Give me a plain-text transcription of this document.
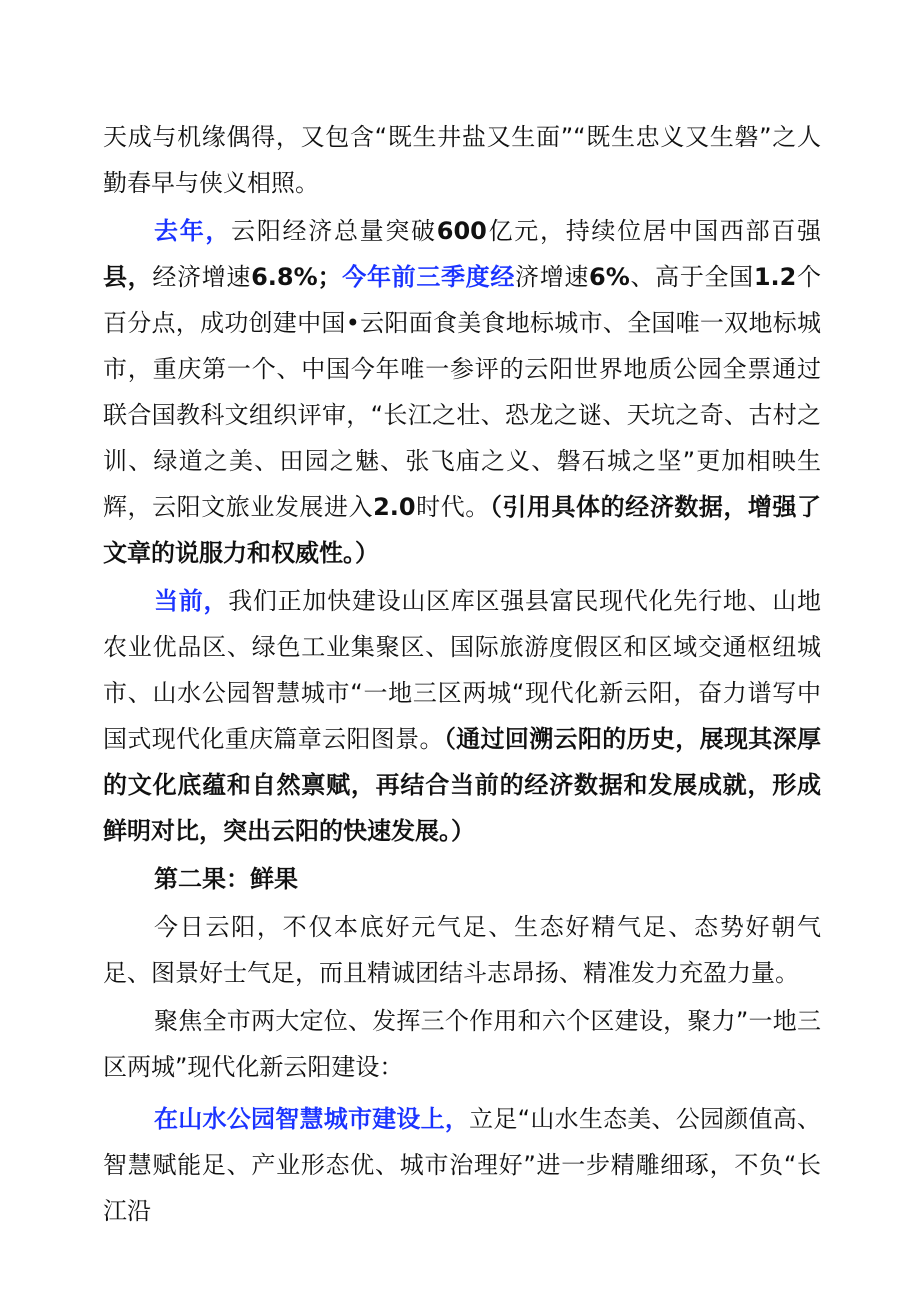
天成与机缘偶得，又包含“既生井盐又生面”“既生忠义又生磐”之人勤春早与侠义相照。

去年，云阳经济总量突破600亿元，持续位居中国西部百强县，经济增速6.8%；今年前三季度经济增速6%、高于全国1.2个百分点，成功创建中国•云阳面食美食地标城市、全国唯一双地标城市，重庆第一个、中国今年唯一参评的云阳世界地质公园全票通过联合国教科文组织评审，“长江之壮、恐龙之谜、天坑之奇、古村之训、绿道之美、田园之魅、张飞庙之义、磐石城之坚”更加相映生辉，云阳文旅业发展进入2.0时代。（引用具体的经济数据，增强了文章的说服力和权威性。）

当前，我们正加快建设山区库区强县富民现代化先行地、山地农业优品区、绿色工业集聚区、国际旅游度假区和区域交通枢纽城市、山水公园智慧城市“一地三区两城“现代化新云阳，奋力谱写中国式现代化重庆篇章云阳图景。（通过回溯云阳的历史，展现其深厚的文化底蕴和自然禀赋，再结合当前的经济数据和发展成就，形成鲜明对比，突出云阳的快速发展。）

第二果：鲜果

今日云阳，不仅本底好元气足、生态好精气足、态势好朝气足、图景好士气足，而且精诚团结斗志昂扬、精准发力充盈力量。

聚焦全市两大定位、发挥三个作用和六个区建设，聚力”一地三区两城”现代化新云阳建设：

在山水公园智慧城市建设上，立足“山水生态美、公园颜值高、智慧赋能足、产业形态优、城市治理好”进一步精雕细琢，不负“长江沿
